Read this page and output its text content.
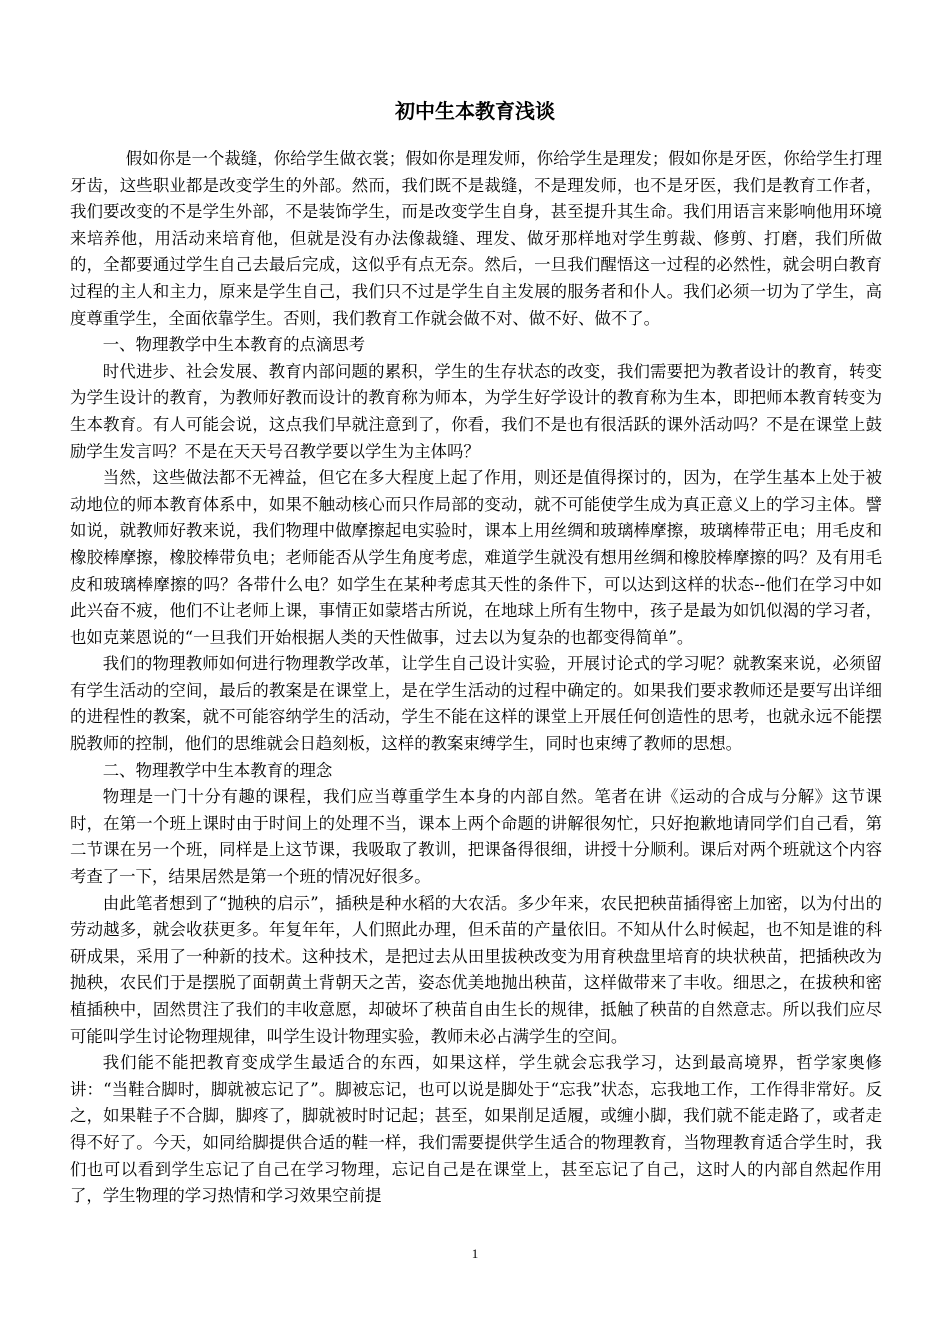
初中生本教育浅谈

假如你是一个裁缝，你给学生做衣裳；假如你是理发师，你给学生是理发；假如你是牙医，你给学生打理牙齿，这些职业都是改变学生的外部。然而，我们既不是裁缝，不是理发师，也不是牙医，我们是教育工作者，我们要改变的不是学生外部，不是装饰学生，而是改变学生自身，甚至提升其生命。我们用语言来影响他用环境来培养他，用活动来培育他，但就是没有办法像裁缝、理发、做牙那样地对学生剪裁、修剪、打磨，我们所做的，全都要通过学生自己去最后完成，这似乎有点无奈。然后，一旦我们醒悟这一过程的必然性，就会明白教育过程的主人和主力，原来是学生自己，我们只不过是学生自主发展的服务者和仆人。我们必须一切为了学生，高度尊重学生，全面依靠学生。否则，我们教育工作就会做不对、做不好、做不了。

一、物理教学中生本教育的点滴思考

时代进步、社会发展、教育内部问题的累积，学生的生存状态的改变，我们需要把为教者设计的教育，转变为学生设计的教育，为教师好教而设计的教育称为师本，为学生好学设计的教育称为生本，即把师本教育转变为生本教育。有人可能会说，这点我们早就注意到了，你看，我们不是也有很活跃的课外活动吗？不是在课堂上鼓励学生发言吗？不是在天天号召教学要以学生为主体吗？

当然，这些做法都不无裨益，但它在多大程度上起了作用，则还是值得探讨的，因为，在学生基本上处于被动地位的师本教育体系中，如果不触动核心而只作局部的变动，就不可能使学生成为真正意义上的学习主体。譬如说，就教师好教来说，我们物理中做摩擦起电实验时，课本上用丝绸和玻璃棒摩擦，玻璃棒带正电；用毛皮和橡胶棒摩擦，橡胶棒带负电；老师能否从学生角度考虑，难道学生就没有想用丝绸和橡胶棒摩擦的吗？及有用毛皮和玻璃棒摩擦的吗？各带什么电？如学生在某种考虑其天性的条件下，可以达到这样的状态--他们在学习中如此兴奋不疲，他们不让老师上课，事情正如蒙塔古所说，在地球上所有生物中，孩子是最为如饥似渴的学习者，也如克莱恩说的“一旦我们开始根据人类的天性做事，过去以为复杂的也都变得简单”。

我们的物理教师如何进行物理教学改革，让学生自己设计实验，开展讨论式的学习呢？就教案来说，必须留有学生活动的空间，最后的教案是在课堂上，是在学生活动的过程中确定的。如果我们要求教师还是要写出详细的进程性的教案，就不可能容纳学生的活动，学生不能在这样的课堂上开展任何创造性的思考，也就永远不能摆脱教师的控制，他们的思维就会日趋刻板，这样的教案束缚学生，同时也束缚了教师的思想。

二、物理教学中生本教育的理念

物理是一门十分有趣的课程，我们应当尊重学生本身的内部自然。笔者在讲《运动的合成与分解》这节课时，在第一个班上课时由于时间上的处理不当，课本上两个命题的讲解很匆忙，只好抱歉地请同学们自己看，第二节课在另一个班，同样是上这节课，我吸取了教训，把课备得很细，讲授十分顺利。课后对两个班就这个内容考查了一下，结果居然是第一个班的情况好很多。

由此笔者想到了“抛秧的启示”，插秧是种水稻的大农活。多少年来，农民把秧苗插得密上加密，以为付出的劳动越多，就会收获更多。年复年年，人们照此办理，但禾苗的产量依旧。不知从什么时候起，也不知是谁的科研成果，采用了一种新的技术。这种技术，是把过去从田里拔秧改变为用育秧盘里培育的块状秧苗，把插秧改为抛秧，农民们于是摆脱了面朝黄土背朝天之苦，姿态优美地抛出秧苗，这样做带来了丰收。细思之，在拔秧和密植插秧中，固然贯注了我们的丰收意愿，却破坏了秧苗自由生长的规律，抵触了秧苗的自然意志。所以我们应尽可能叫学生讨论物理规律，叫学生设计物理实验，教师未必占满学生的空间。

我们能不能把教育变成学生最适合的东西，如果这样，学生就会忘我学习，达到最高境界，哲学家奥修讲：“当鞋合脚时，脚就被忘记了”。脚被忘记，也可以说是脚处于“忘我”状态，忘我地工作，工作得非常好。反之，如果鞋子不合脚，脚疼了，脚就被时时记起；甚至，如果削足适履，或缠小脚，我们就不能走路了，或者走得不好了。今天，如同给脚提供合适的鞋一样，我们需要提供学生适合的物理教育，当物理教育适合学生时，我们也可以看到学生忘记了自己在学习物理，忘记自己是在课堂上，甚至忘记了自己，这时人的内部自然起作用了，学生物理的学习热情和学习效果空前提

1
